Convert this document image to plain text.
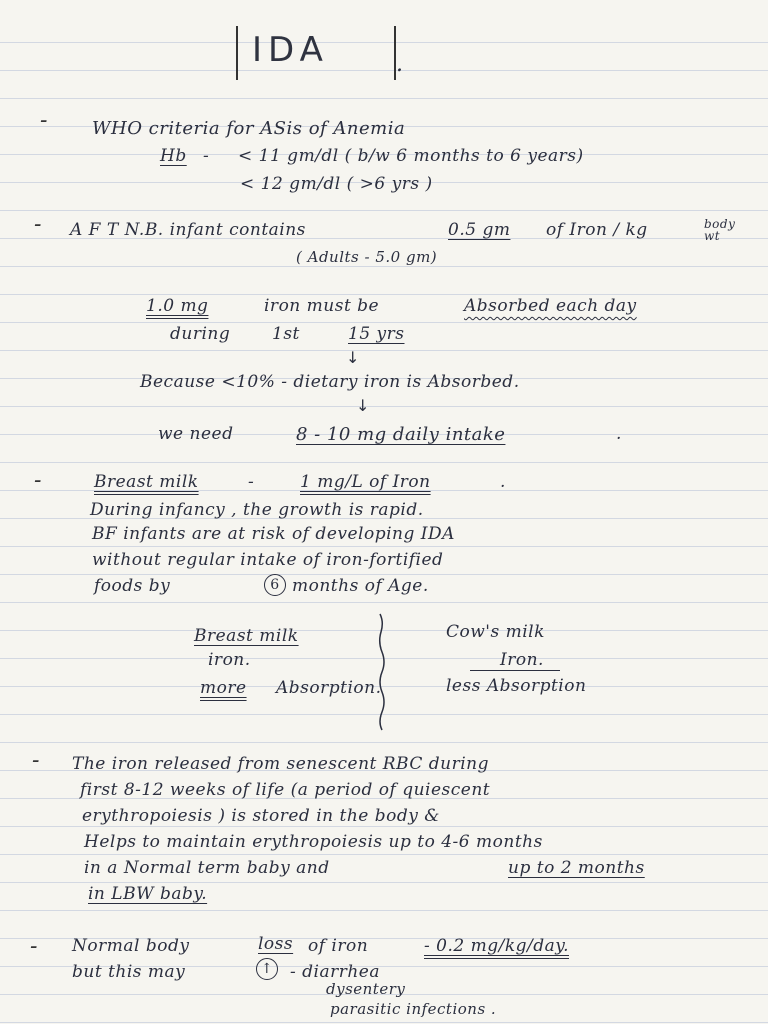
IDA	.
-
-
-
-
-
WHO criteria for ASis of Anemia
Hb - < 11 gm/dl ( b/w 6 months to 6 years)
< 12 gm/dl ( >6 yrs )
A F T N.B. infant contains	0.5 gm of Iron / kg	body wt
( Adults - 5.0 gm)
1.0 mg	iron must be	Absorbed each day
during 1st	15 yrs
↓
Because <10% - dietary iron is Absorbed.
↓
we need	8 - 10 mg daily intake	.
Breast milk	-	1 mg/L of Iron	.
During infancy , the growth is rapid.
BF infants are at risk of developing IDA
without regular intake of iron-fortified
foods by	6 months of Age.
Breast milk
iron.
more Absorption.
Cow's milk
Iron.
less Absorption
The iron released from senescent RBC during
first 8-12 weeks of life (a period of quiescent
erythropoiesis ) is stored in the body &
Helps to maintain erythropoiesis up to 4-6 months
in a Normal term baby and	up to 2 months
in LBW baby.
Normal body	loss of iron	- 0.2 mg/kg/day.
but this may	↑ - diarrhea
dysentery
parasitic infections .
